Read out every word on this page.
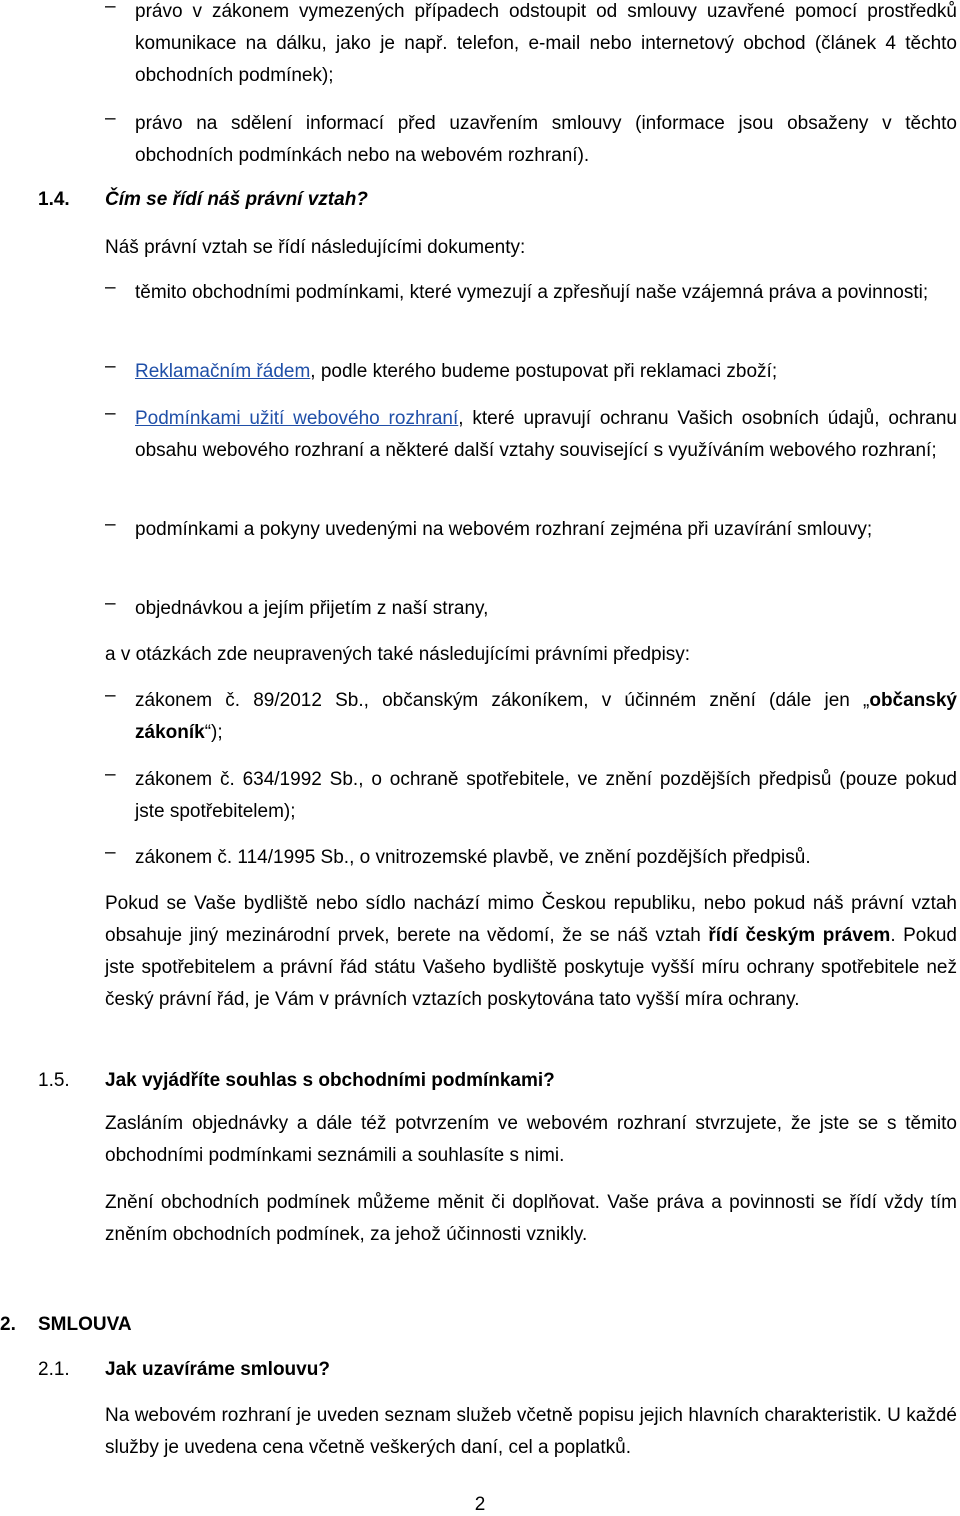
– právo v zákonem vymezených případech odstoupit od smlouvy uzavřené pomocí prostředků komunikace na dálku, jako je např. telefon, e-mail nebo internetový obchod (článek 4 těchto obchodních podmínek);
– právo na sdělení informací před uzavřením smlouvy (informace jsou obsaženy v těchto obchodních podmínkách nebo na webovém rozhraní).
1.4. Čím se řídí náš právní vztah?
Náš právní vztah se řídí následujícími dokumenty:
– těmito obchodními podmínkami, které vymezují a zpřesňují naše vzájemná práva a povinnosti;
– Reklamačním řádem, podle kterého budeme postupovat při reklamaci zboží;
– Podmínkami užití webového rozhraní, které upravují ochranu Vašich osobních údajů, ochranu obsahu webového rozhraní a některé další vztahy související s využíváním webového rozhraní;
– podmínkami a pokyny uvedenými na webovém rozhraní zejména při uzavírání smlouvy;
– objednávkou a jejím přijetím z naší strany,
a v otázkách zde neupravených také následujícími právními předpisy:
– zákonem č. 89/2012 Sb., občanským zákoníkem, v účinném znění (dále jen „občanský zákoník“);
– zákonem č. 634/1992 Sb., o ochraně spotřebitele, ve znění pozdějších předpisů (pouze pokud jste spotřebitelem);
– zákonem č. 114/1995 Sb., o vnitrozemské plavbě, ve znění pozdějších předpisů.
Pokud se Vaše bydliště nebo sídlo nachází mimo Českou republiku, nebo pokud náš právní vztah obsahuje jiný mezinárodní prvek, berete na vědomí, že se náš vztah řídí českým právem. Pokud jste spotřebitelem a právní řád státu Vašeho bydliště poskytuje vyšší míru ochrany spotřebitele než český právní řád, je Vám v právních vztazích poskytována tato vyšší míra ochrany.
1.5. Jak vyjádříte souhlas s obchodními podmínkami?
Zasláním objednávky a dále též potvrzením ve webovém rozhraní stvrzujete, že jste se s těmito obchodními podmínkami seznámili a souhlasíte s nimi.
Znění obchodních podmínek můžeme měnit či doplňovat. Vaše práva a povinnosti se řídí vždy tím zněním obchodních podmínek, za jehož účinnosti vznikly.
2. SMLOUVA
2.1. Jak uzavíráme smlouvu?
Na webovém rozhraní je uveden seznam služeb včetně popisu jejich hlavních charakteristik. U každé služby je uvedena cena včetně veškerých daní, cel a poplatků.
2
